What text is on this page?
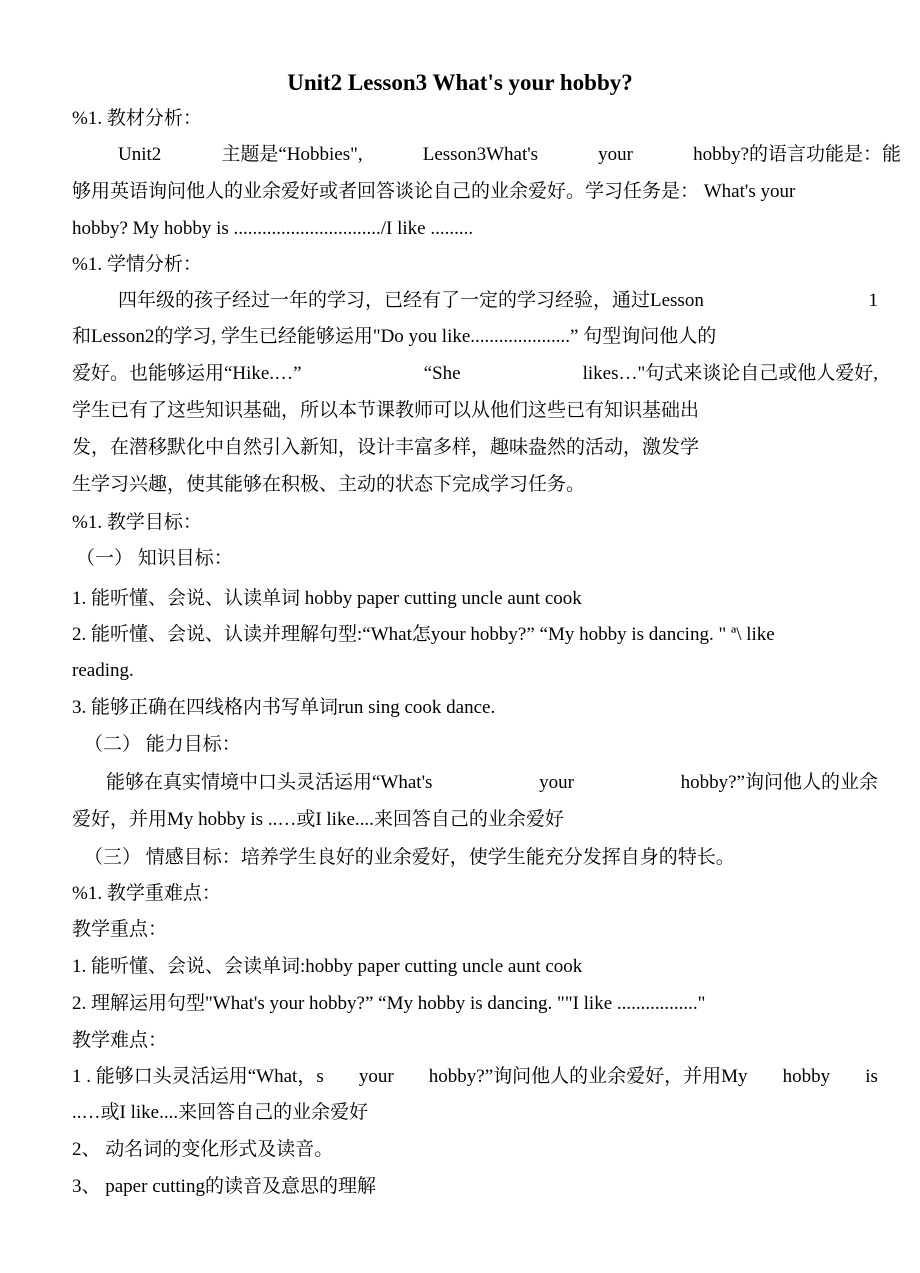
Unit2 Lesson3 What's your hobby?
%1. 教材分析：
Unit2	主题是“Hobbies",	Lesson3What's	your	hobby?的语言功能是：能
够用英语询问他人的业余爱好或者回答谈论自己的业余爱好。学习任务是： What's your
hobby? My hobby is .............................../I like .........
%1. 学情分析：
四年级的孩子经过一年的学习，已经有了一定的学习经验，通过Lesson	1
和Lesson2的学习, 学生已经能够运用"Do you like.....................” 句型询问他人的
爱好。也能够运用“Hike.…”	“She	likes…"句式来谈论自己或他人爱好,
学生已有了这些知识基础，所以本节课教师可以从他们这些已有知识基础出
发，在潜移默化中自然引入新知，设计丰富多样，趣味盎然的活动，激发学
生学习兴趣，使其能够在积极、主动的状态下完成学习任务。
%1. 教学目标：
（一） 知识目标：
1. 能听懂、会说、认读单词 hobby paper cutting uncle aunt cook
2. 能听懂、会说、认读并理解句型:“What怎your hobby?” “My hobby is dancing. " ª\ like
reading.
3. 能够正确在四线格内书写单词run sing cook dance.
（二） 能力目标：
能够在真实情境中口头灵活运用“What's	your	hobby?”询问他人的业余
爱好，并用My hobby is ..…或I like....来回答自己的业余爱好
（三） 情感目标：培养学生良好的业余爱好，使学生能充分发挥自身的特长。
%1. 教学重难点：
教学重点：
1. 能听懂、会说、会读单词:hobby paper cutting uncle aunt cook
2. 理解运用句型"What's your hobby?” “My hobby is dancing. ""I like ................."
教学难点：
1 . 能够口头灵活运用“What，s your hobby?”询问他人的业余爱好，并用My hobby is
..…或I like....来回答自己的业余爱好
2、 动名词的变化形式及读音。
3、 paper cutting的读音及意思的理解
